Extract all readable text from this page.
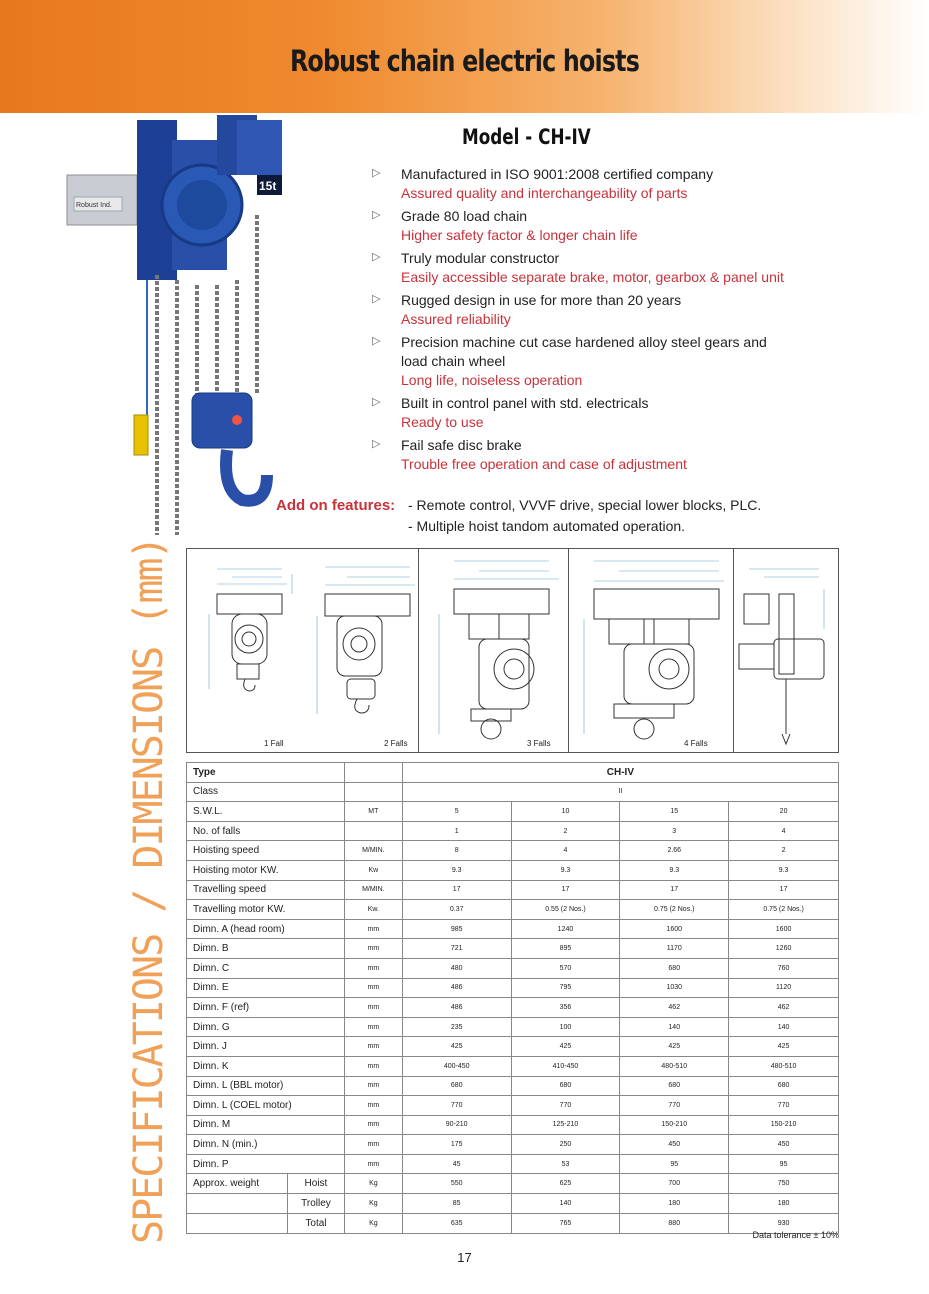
Robust chain electric hoists
Robust Ind.
15t
Model - CH-IV
▷ Manufactured in ISO 9001:2008 certified company
Assured quality and interchangeability of parts
▷ Grade 80 load chain
Higher safety factor & longer chain life
▷ Truly modular constructor
Easily accessible separate brake, motor, gearbox & panel unit
▷ Rugged design in use for more than 20 years
Assured reliability
▷ Precision machine cut case hardened alloy steel gears and
load chain wheel
Long life, noiseless operation
▷ Built in control panel with std. electricals
Ready to use
▷ Fail safe disc brake
Trouble free operation and case of adjustment
Add on features: - Remote control, VVVF drive, special lower blocks, PLC.
- Multiple hoist tandom automated operation.
1 Fall	2 Falls	3 Falls	4 Falls
SPECIFICATIONS / DIMENSIONS (mm) Type		CH-IV			
Class		II			
S.W.L.	MT	5	10	15	20
No. of falls		1	2	3	4
Hoisting speed	M/MIN.	8	4	2.66	2
Hoisting motor KW.	Kw	9.3	9.3	9.3	9.3
Travelling speed	M/MIN.	17	17	17	17
Travelling motor KW.	Kw.	0.37	0.55 (2 Nos.)	0.75 (2 Nos.)	0.75 (2 Nos.)
Dimn. A (head room)	mm	985	1240	1600	1600
Dimn. B	mm	721	895	1170	1260
Dimn. C	mm	480	570	680	760
Dimn. E	mm	486	795	1030	1120
Dimn. F (ref)	mm	486	356	462	462
Dimn. G	mm	235	100	140	140
Dimn. J	mm	425	425	425	425
Dimn. K	mm	400-450	410-450	480-510	480-510
Dimn. L (BBL motor)	mm	680	680	680	680
Dimn. L (COEL motor)	mm	770	770	770	770
Dimn. M	mm	90-210	125-210	150-210	150-210
Dimn. N (min.)	mm	175	250	450	450
Dimn. P	mm	45	53	95	95

Approx. weight Hoist	Kg	550	625	700	750

Trolley	Kg	85	140	180	180

Total	Kg	635	765	880	930
Data tolerance ± 10%
17
